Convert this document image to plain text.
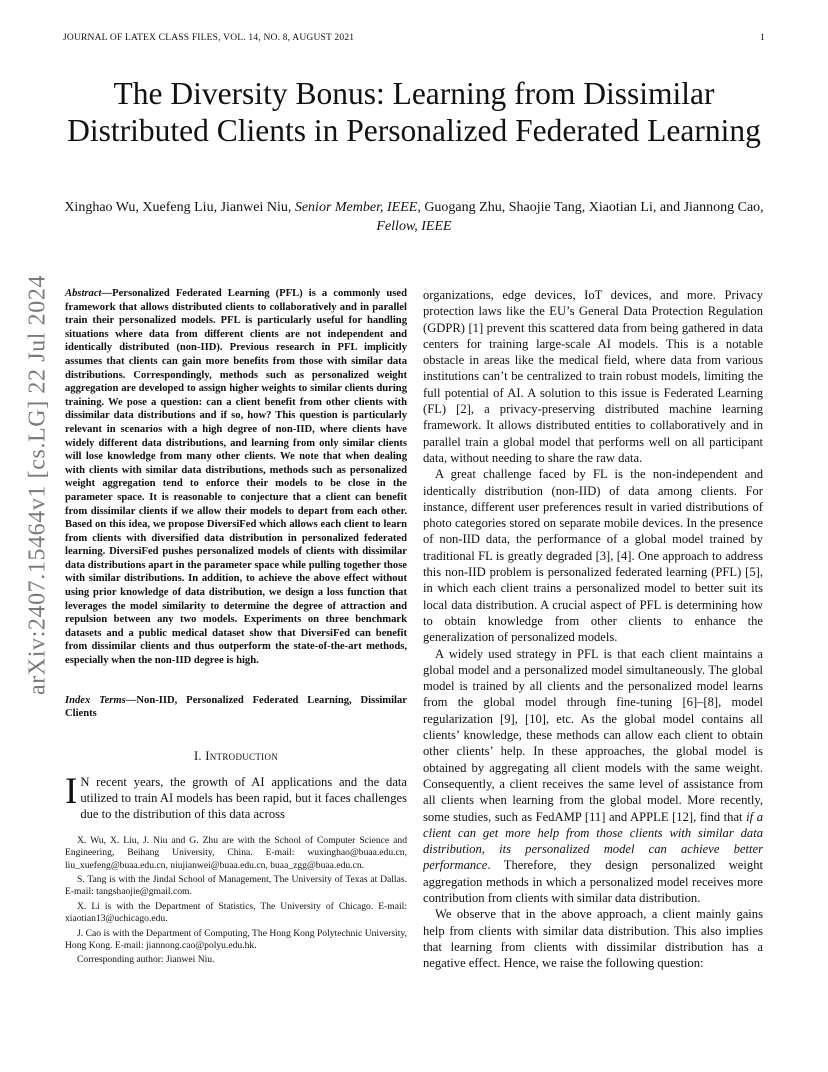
JOURNAL OF LATEX CLASS FILES, VOL. 14, NO. 8, AUGUST 2021	1
The Diversity Bonus: Learning from Dissimilar Distributed Clients in Personalized Federated Learning
Xinghao Wu, Xuefeng Liu, Jianwei Niu, Senior Member, IEEE, Guogang Zhu, Shaojie Tang, Xiaotian Li, and Jiannong Cao, Fellow, IEEE
arXiv:2407.15464v1 [cs.LG] 22 Jul 2024 Abstract—Personalized Federated Learning (PFL) is a commonly used framework that allows distributed clients to collaboratively and in parallel train their personalized models. PFL is particularly useful for handling situations where data from different clients are not independent and identically distributed (non-IID). Previous research in PFL implicitly assumes that clients can gain more benefits from those with similar data distributions. Correspondingly, methods such as personalized weight aggregation are developed to assign higher weights to similar clients during training. We pose a question: can a client benefit from other clients with dissimilar data distributions and if so, how? This question is particularly relevant in scenarios with a high degree of non-IID, where clients have widely different data distributions, and learning from only similar clients will lose knowledge from many other clients. We note that when dealing with clients with similar data distributions, methods such as personalized weight aggregation tend to enforce their models to be close in the parameter space. It is reasonable to conjecture that a client can benefit from dissimilar clients if we allow their models to depart from each other. Based on this idea, we propose DiversiFed which allows each client to learn from clients with diversified data distribution in personalized federated learning. DiversiFed pushes personalized models of clients with dissimilar data distributions apart in the parameter space while pulling together those with similar distributions. In addition, to achieve the above effect without using prior knowledge of data distribution, we design a loss function that leverages the model similarity to determine the degree of attraction and repulsion between any two models. Experiments on three benchmark datasets and a public medical dataset show that DiversiFed can benefit from dissimilar clients and thus outperform the state-of-the-art methods, especially when the non-IID degree is high.

Index Terms—Non-IID, Personalized Federated Learning, Dissimilar Clients

I. Introduction

I N recent years, the growth of AI applications and the data utilized to train AI models has been rapid, but it faces challenges due to the distribution of this data across

X. Wu, X. Liu, J. Niu and G. Zhu are with the School of Computer Science and Engineering, Beihang University, China. E-mail: wuxinghao@buaa.edu.cn, liu_xuefeng@buaa.edu.cn, niujianwei@buaa.edu.cn, buaa_zgg@buaa.edu.cn.

S. Tang is with the Jindal School of Management, The University of Texas at Dallas. E-mail: tangshaojie@gmail.com.

X. Li is with the Department of Statistics, The University of Chicago. E-mail: xiaotian13@uchicago.edu.

J. Cao is with the Department of Computing, The Hong Kong Polytechnic University, Hong Kong. E-mail: jiannong.cao@polyu.edu.hk.

Corresponding author: Jianwei Niu.

organizations, edge devices, IoT devices, and more. Privacy protection laws like the EU’s General Data Protection Regulation (GDPR) [1] prevent this scattered data from being gathered in data centers for training large-scale AI models. This is a notable obstacle in areas like the medical field, where data from various institutions can’t be centralized to train robust models, limiting the full potential of AI. A solution to this issue is Federated Learning (FL) [2], a privacy-preserving distributed machine learning framework. It allows distributed entities to collaboratively and in parallel train a global model that performs well on all participant data, without needing to share the raw data.

A great challenge faced by FL is the non-independent and identically distribution (non-IID) of data among clients. For instance, different user preferences result in varied distributions of photo categories stored on separate mobile devices. In the presence of non-IID data, the performance of a global model trained by traditional FL is greatly degraded [3], [4]. One approach to address this non-IID problem is personalized federated learning (PFL) [5], in which each client trains a personalized model to better suit its local data distribution. A crucial aspect of PFL is determining how to obtain knowledge from other clients to enhance the generalization of personalized models.

A widely used strategy in PFL is that each client maintains a global model and a personalized model simultaneously. The global model is trained by all clients and the personalized model learns from the global model through fine-tuning [6]–[8], model regularization [9], [10], etc. As the global model contains all clients’ knowledge, these methods can allow each client to obtain other clients’ help. In these approaches, the global model is obtained by aggregating all client models with the same weight. Consequently, a client receives the same level of assistance from all clients when learning from the global model. More recently, some studies, such as FedAMP [11] and APPLE [12], find that if a client can get more help from those clients with similar data distribution, its personalized model can achieve better performance. Therefore, they design personalized weight aggregation methods in which a personalized model receives more contribution from clients with similar data distribution.

We observe that in the above approach, a client mainly gains help from clients with similar data distribution. This also implies that learning from clients with dissimilar distribution has a negative effect. Hence, we raise the following question:
